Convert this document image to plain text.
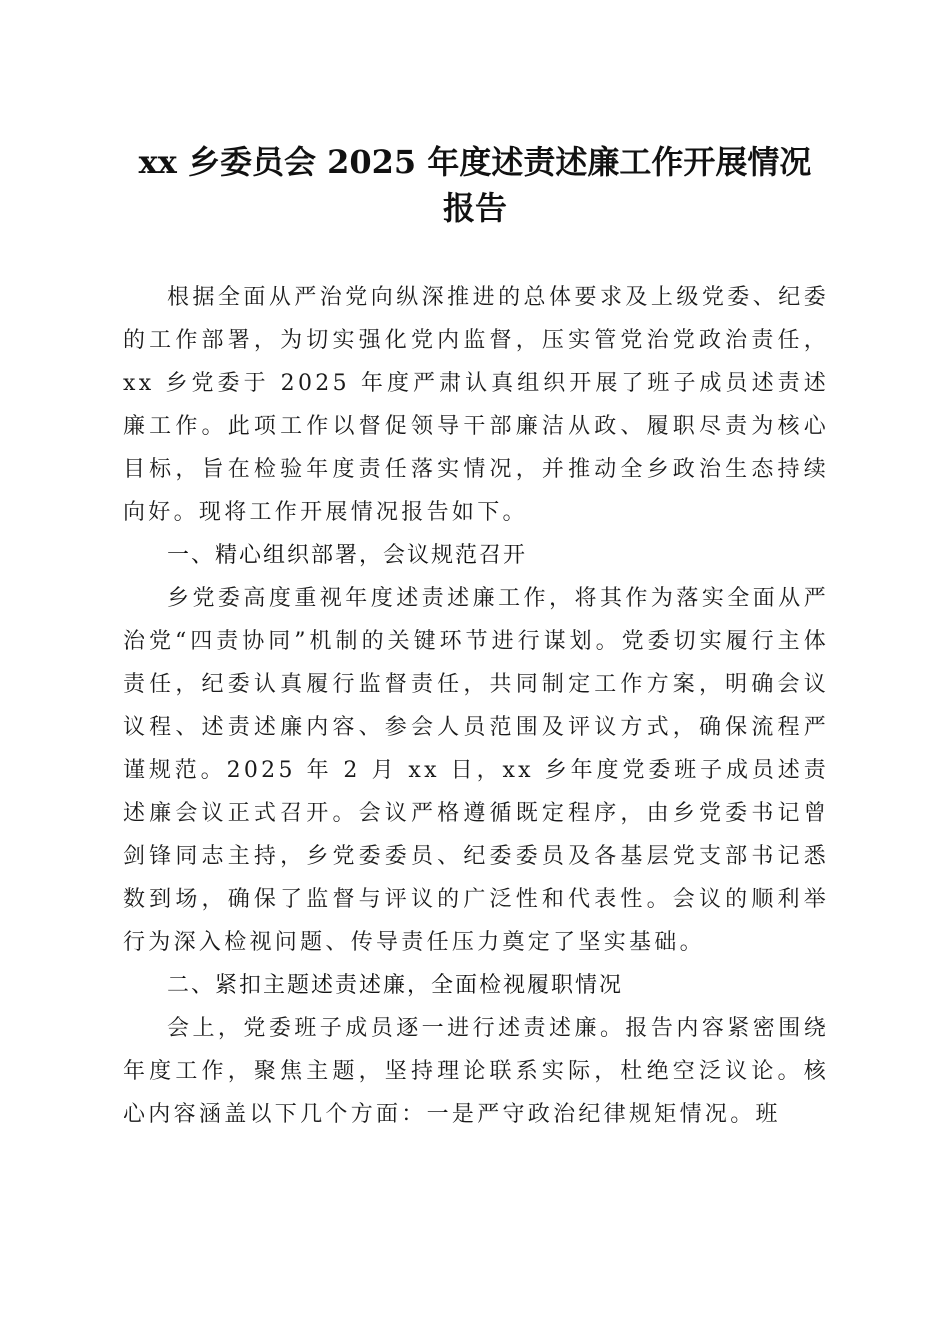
xx 乡委员会 2025 年度述责述廉工作开展情况
报告

根据全面从严治党向纵深推进的总体要求及上级党委、纪委的工作部署，为切实强化党内监督，压实管党治党政治责任，xx 乡党委于 2025 年度严肃认真组织开展了班子成员述责述廉工作。此项工作以督促领导干部廉洁从政、履职尽责为核心目标，旨在检验年度责任落实情况，并推动全乡政治生态持续向好。现将工作开展情况报告如下。

一、精心组织部署，会议规范召开

乡党委高度重视年度述责述廉工作，将其作为落实全面从严治党“四责协同”机制的关键环节进行谋划。党委切实履行主体责任，纪委认真履行监督责任，共同制定工作方案，明确会议议程、述责述廉内容、参会人员范围及评议方式，确保流程严谨规范。2025 年 2 月 xx 日，xx 乡年度党委班子成员述责述廉会议正式召开。会议严格遵循既定程序，由乡党委书记曾剑锋同志主持，乡党委委员、纪委委员及各基层党支部书记悉数到场，确保了监督与评议的广泛性和代表性。会议的顺利举行为深入检视问题、传导责任压力奠定了坚实基础。

二、紧扣主题述责述廉，全面检视履职情况

会上，党委班子成员逐一进行述责述廉。报告内容紧密围绕年度工作，聚焦主题，坚持理论联系实际，杜绝空泛议论。核心内容涵盖以下几个方面：一是严守政治纪律规矩情况。班
